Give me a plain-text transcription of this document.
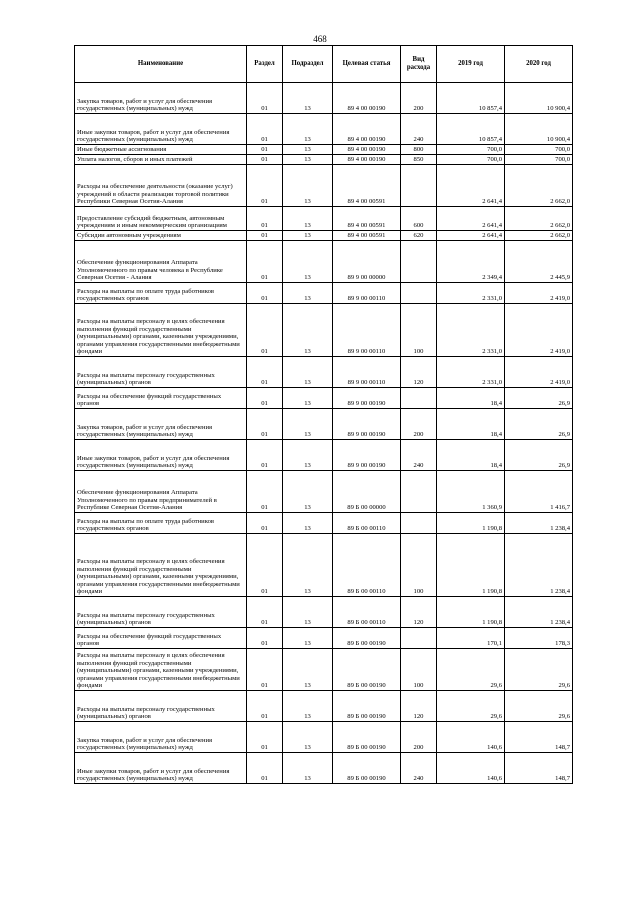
468
Наименование	Раздел	Подраздел	Целевая статья	Вид расхода	2019 год	2020 год
Закупка товаров, работ и услуг для обеспечения государственных (муниципальных) нужд	01	13	89 4 00 00190	200	10 857,4	10 900,4
Иные закупки товаров, работ и услуг для обеспечения государственных (муниципальных) нужд	01	13	89 4 00 00190	240	10 857,4	10 900,4
Иные бюджетные ассигнования	01	13	89 4 00 00190	800	700,0	700,0
Уплата налогов, сборов и иных платежей	01	13	89 4 00 00190	850	700,0	700,0
Расходы на обеспечение деятельности (оказание услуг) учреждений в области реализации торговой политики Республики Северная Осетия-Алания	01	13	89 4 00 00591		2 641,4	2 662,0
Предоставление субсидий бюджетным, автономным учреждениям и иным некоммерческим организациям	01	13	89 4 00 00591	600	2 641,4	2 662,0
Субсидии автономным учреждениям	01	13	89 4 00 00591	620	2 641,4	2 662,0
Обеспечение функционирования Аппарата Уполномоченного по правам человека в Республике Северная Осетия - Алания	01	13	89 9 00 00000		2 349,4	2 445,9
Расходы на выплаты по оплате труда работников государственных органов	01	13	89 9 00 00110		2 331,0	2 419,0
Расходы на выплаты персоналу в целях обеспечения выполнения функций государственными (муниципальными) органами, казенными учреждениями, органами управления государственными внебюджетными фондами	01	13	89 9 00 00110	100	2 331,0	2 419,0
Расходы на выплаты персоналу государственных (муниципальных) органов	01	13	89 9 00 00110	120	2 331,0	2 419,0
Расходы на обеспечение функций государственных органов	01	13	89 9 00 00190		18,4	26,9
Закупка товаров, работ и услуг для обеспечения государственных (муниципальных) нужд	01	13	89 9 00 00190	200	18,4	26,9
Иные закупки товаров, работ и услуг для обеспечения государственных (муниципальных) нужд	01	13	89 9 00 00190	240	18,4	26,9
Обеспечение функционирования Аппарата Уполномоченного по правам предпринимателей в Республике Северная Осетия-Алания	01	13	89 Б 00 00000		1 360,9	1 416,7
Расходы на выплаты по оплате труда работников государственных органов	01	13	89 Б 00 00110		1 190,8	1 238,4
Расходы на выплаты персоналу в целях обеспечения выполнения функций государственными (муниципальными) органами, казенными учреждениями, органами управления государственными внебюджетными фондами	01	13	89 Б 00 00110	100	1 190,8	1 238,4
Расходы на выплаты персоналу государственных (муниципальных) органов	01	13	89 Б 00 00110	120	1 190,8	1 238,4
Расходы на обеспечение функций государственных органов	01	13	89 Б 00 00190		170,1	178,3
Расходы на выплаты персоналу в целях обеспечения выполнения функций государственными (муниципальными) органами, казенными учреждениями, органами управления государственными внебюджетными фондами	01	13	89 Б 00 00190	100	29,6	29,6
Расходы на выплаты персоналу государственных (муниципальных) органов	01	13	89 Б 00 00190	120	29,6	29,6
Закупка товаров, работ и услуг для обеспечения государственных (муниципальных) нужд	01	13	89 Б 00 00190	200	140,6	148,7
Иные закупки товаров, работ и услуг для обеспечения государственных (муниципальных) нужд	01	13	89 Б 00 00190	240	140,6	148,7
